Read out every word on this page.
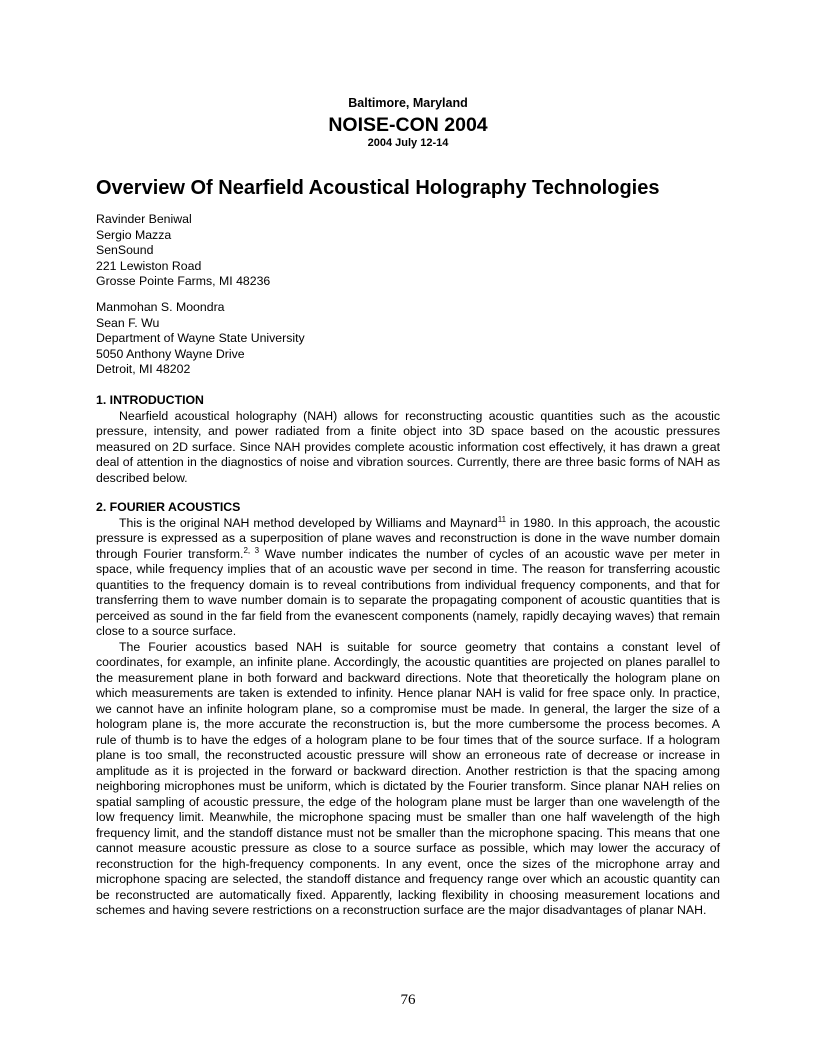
Baltimore, Maryland
NOISE-CON 2004
2004 July 12-14
Overview Of Nearfield Acoustical Holography Technologies
Ravinder Beniwal
Sergio Mazza
SenSound
221 Lewiston Road
Grosse Pointe Farms, MI 48236
Manmohan S. Moondra
Sean F. Wu
Department of Wayne State University
5050 Anthony Wayne Drive
Detroit, MI 48202
1. INTRODUCTION

Nearfield acoustical holography (NAH) allows for reconstructing acoustic quantities such as the acoustic pressure, intensity, and power radiated from a finite object into 3D space based on the acoustic pressures measured on 2D surface. Since NAH provides complete acoustic information cost effectively, it has drawn a great deal of attention in the diagnostics of noise and vibration sources. Currently, there are three basic forms of NAH as described below.

2. FOURIER ACOUSTICS

This is the original NAH method developed by Williams and Maynard$^{11}$ in 1980. In this approach, the acoustic pressure is expressed as a superposition of plane waves and reconstruction is done in the wave number domain through Fourier transform.$^{2, 3}$ Wave number indicates the number of cycles of an acoustic wave per meter in space, while frequency implies that of an acoustic wave per second in time. The reason for transferring acoustic quantities to the frequency domain is to reveal contributions from individual frequency components, and that for transferring them to wave number domain is to separate the propagating component of acoustic quantities that is perceived as sound in the far field from the evanescent components (namely, rapidly decaying waves) that remain close to a source surface.

The Fourier acoustics based NAH is suitable for source geometry that contains a constant level of coordinates, for example, an infinite plane. Accordingly, the acoustic quantities are projected on planes parallel to the measurement plane in both forward and backward directions. Note that theoretically the hologram plane on which measurements are taken is extended to infinity. Hence planar NAH is valid for free space only. In practice, we cannot have an infinite hologram plane, so a compromise must be made. In general, the larger the size of a hologram plane is, the more accurate the reconstruction is, but the more cumbersome the process becomes. A rule of thumb is to have the edges of a hologram plane to be four times that of the source surface. If a hologram plane is too small, the reconstructed acoustic pressure will show an erroneous rate of decrease or increase in amplitude as it is projected in the forward or backward direction. Another restriction is that the spacing among neighboring microphones must be uniform, which is dictated by the Fourier transform. Since planar NAH relies on spatial sampling of acoustic pressure, the edge of the hologram plane must be larger than one wavelength of the low frequency limit. Meanwhile, the microphone spacing must be smaller than one half wavelength of the high frequency limit, and the standoff distance must not be smaller than the microphone spacing. This means that one cannot measure acoustic pressure as close to a source surface as possible, which may lower the accuracy of reconstruction for the high-frequency components. In any event, once the sizes of the microphone array and microphone spacing are selected, the standoff distance and frequency range over which an acoustic quantity can be reconstructed are automatically fixed. Apparently, lacking flexibility in choosing measurement locations and schemes and having severe restrictions on a reconstruction surface are the major disadvantages of planar NAH.

76
